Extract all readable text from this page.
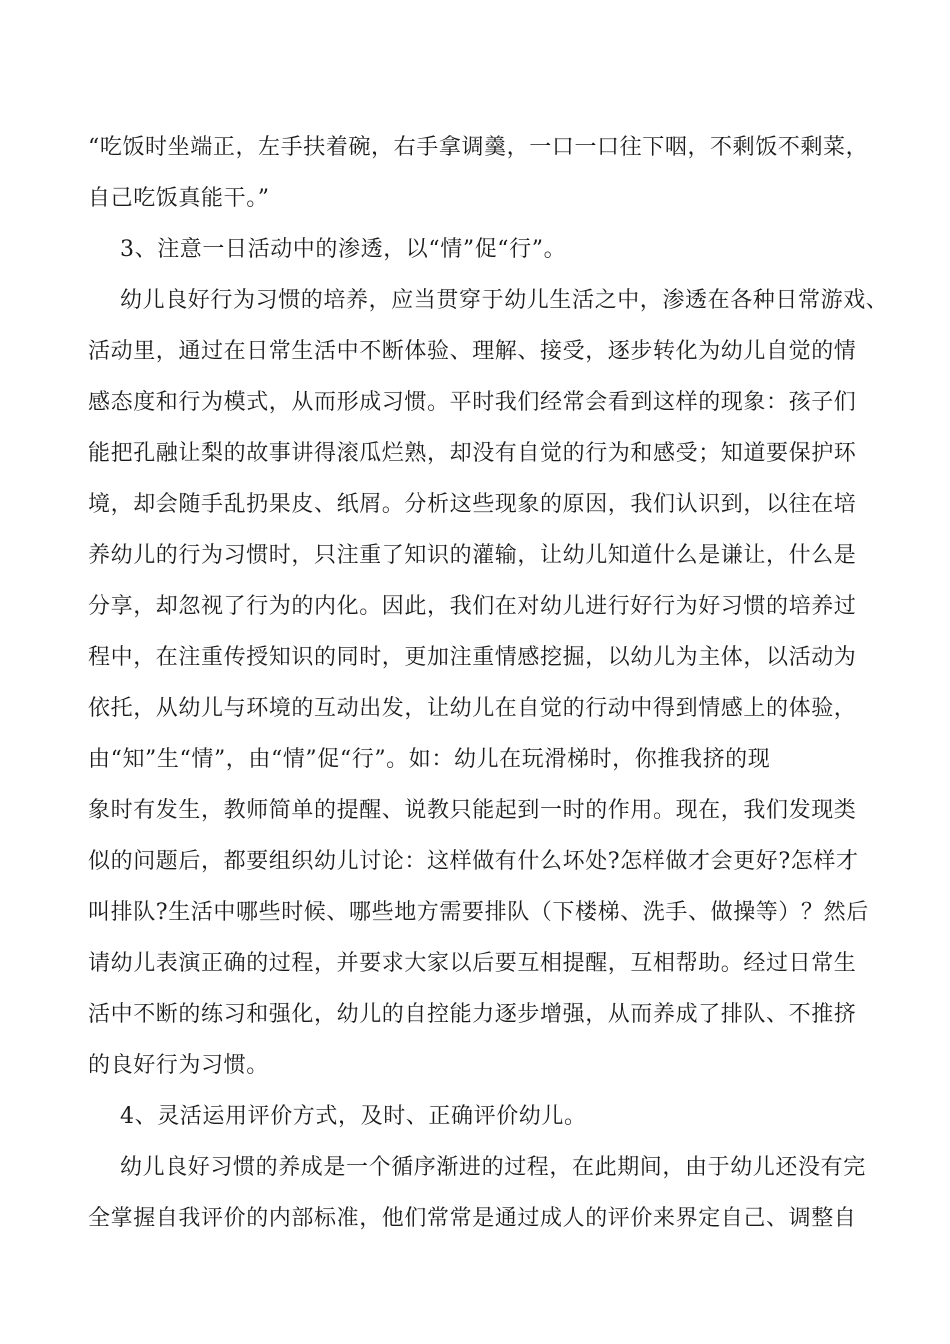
“吃饭时坐端正，左手扶着碗，右手拿调羹，一口一口往下咽，不剩饭不剩菜，
自己吃饭真能干。”
3、注意一日活动中的渗透，以“情”促“行”。
幼儿良好行为习惯的培养，应当贯穿于幼儿生活之中，渗透在各种日常游戏、
活动里，通过在日常生活中不断体验、理解、接受，逐步转化为幼儿自觉的情
感态度和行为模式，从而形成习惯。平时我们经常会看到这样的现象：孩子们
能把孔融让梨的故事讲得滚瓜烂熟，却没有自觉的行为和感受；知道要保护环
境，却会随手乱扔果皮、纸屑。分析这些现象的原因，我们认识到，以往在培
养幼儿的行为习惯时，只注重了知识的灌输，让幼儿知道什么是谦让，什么是
分享，却忽视了行为的内化。因此，我们在对幼儿进行好行为好习惯的培养过
程中，在注重传授知识的同时，更加注重情感挖掘，以幼儿为主体，以活动为
依托，从幼儿与环境的互动出发，让幼儿在自觉的行动中得到情感上的体验，
由“知”生“情”，由“情”促“行”。如：幼儿在玩滑梯时，你推我挤的现
象时有发生，教师简单的提醒、说教只能起到一时的作用。现在，我们发现类
似的问题后，都要组织幼儿讨论：这样做有什么坏处?怎样做才会更好?怎样才
叫排队?生活中哪些时候、哪些地方需要排队（下楼梯、洗手、做操等）？然后
请幼儿表演正确的过程，并要求大家以后要互相提醒，互相帮助。经过日常生
活中不断的练习和强化，幼儿的自控能力逐步增强，从而养成了排队、不推挤
的良好行为习惯。
4、灵活运用评价方式，及时、正确评价幼儿。
幼儿良好习惯的养成是一个循序渐进的过程，在此期间，由于幼儿还没有完
全掌握自我评价的内部标准，他们常常是通过成人的评价来界定自己、调整自
